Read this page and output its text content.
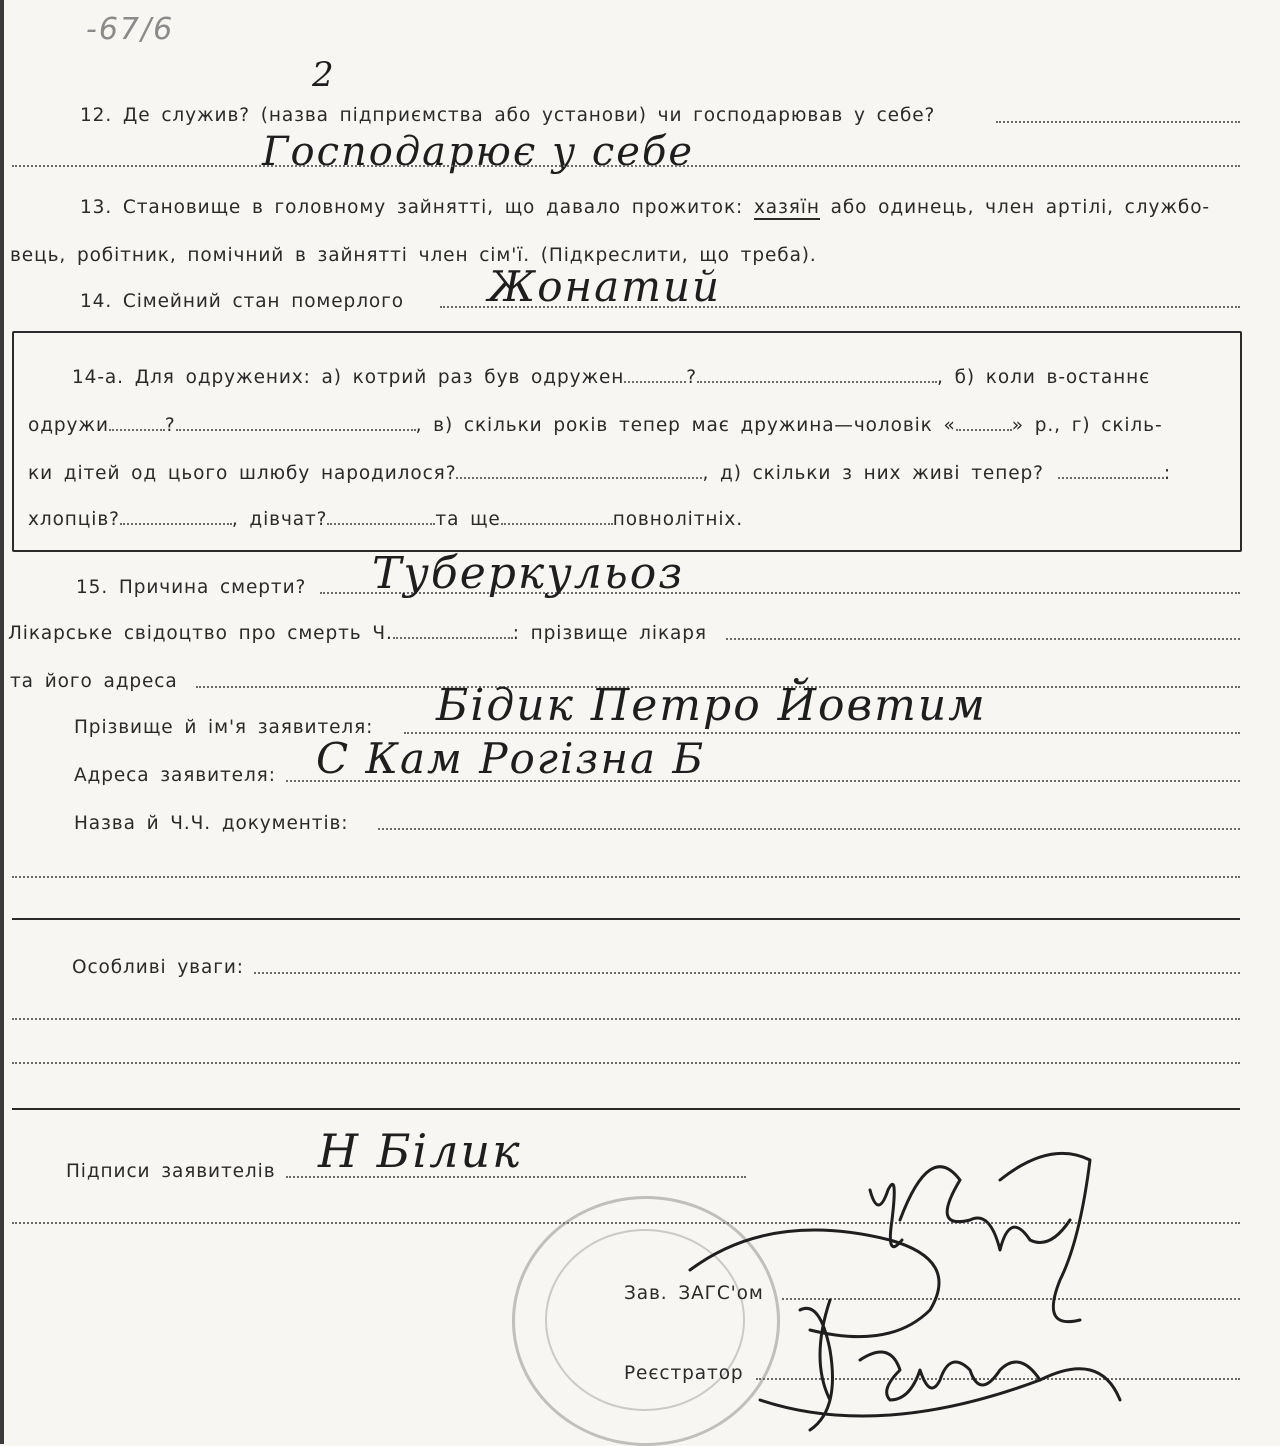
-67/6
2
12. Де служив? (назва підприємства або установи) чи господарював у себе?
Господарює у себе
13. Становище в головному зайнятті, що давало прожиток: хазяїн або одинець, член артілі, службо-
вець, робітник, помічний в зайнятті член сім'ї. (Підкреслити, що треба).
14. Сімейний стан померлого Жонатий
14-а. Для одружених: а) котрий раз був одружен	?	, б) коли в-останнє
одружи	?	, в) скільки років тепер має дружина—чоловік «	» р., г) скіль-
ки дітей од цього шлюбу народилося?	, д) скільки з них живі тепер?	:
хлопців?	, дівчат?	та ще	повнолітніх.
15. Причина смерти? Туберкульоз
Лікарське свідоцтво про смерть Ч.	: прізвище лікаря
та його адреса
Прізвище й ім'я заявителя: Бідик Петро Йовтим
Адреса заявителя: С Кам Рогізна Б
Назва й Ч.Ч. документів:
Особливі уваги:
Підписи заявителів Н Білик
Зав. ЗАГС'ом
Реєстратор
